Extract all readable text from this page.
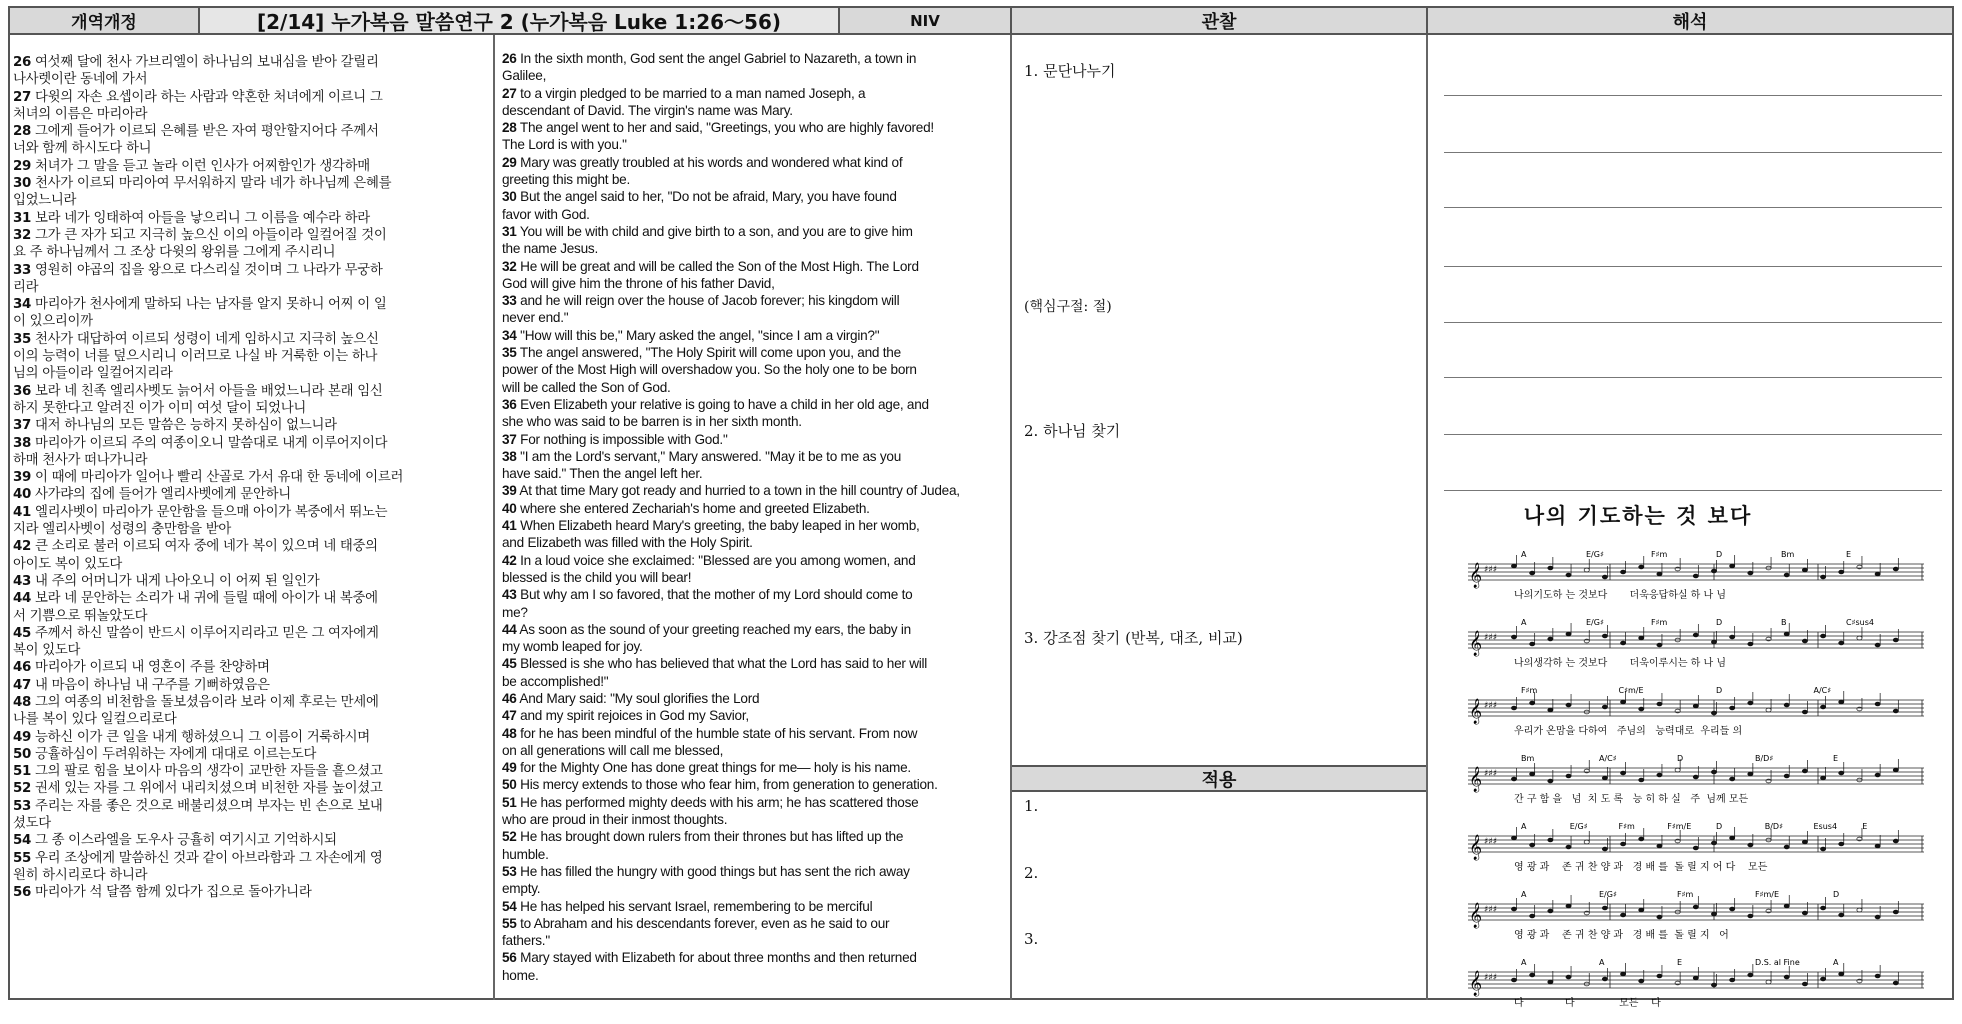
개역개정	[2/14] 누가복음 말씀연구 2 (누가복음 Luke 1:26～56)	NIV	관찰	해석
26 여섯째 달에 천사 가브리엘이 하나님의 보내심을 받아 갈릴리
나사렛이란 동네에 가서
27 다윗의 자손 요셉이라 하는 사람과 약혼한 처녀에게 이르니 그
처녀의 이름은 마리아라
28 그에게 들어가 이르되 은혜를 받은 자여 평안할지어다 주께서
너와 함께 하시도다 하니
29 처녀가 그 말을 듣고 놀라 이런 인사가 어찌함인가 생각하매
30 천사가 이르되 마리아여 무서워하지 말라 네가 하나님께 은혜를
입었느니라
31 보라 네가 잉태하여 아들을 낳으리니 그 이름을 예수라 하라
32 그가 큰 자가 되고 지극히 높으신 이의 아들이라 일컬어질 것이
요 주 하나님께서 그 조상 다윗의 왕위를 그에게 주시리니
33 영원히 야곱의 집을 왕으로 다스리실 것이며 그 나라가 무궁하
리라
34 마리아가 천사에게 말하되 나는 남자를 알지 못하니 어찌 이 일
이 있으리이까
35 천사가 대답하여 이르되 성령이 네게 임하시고 지극히 높으신
이의 능력이 너를 덮으시리니 이러므로 나실 바 거룩한 이는 하나
님의 아들이라 일컬어지리라
36 보라 네 친족 엘리사벳도 늙어서 아들을 배었느니라 본래 임신
하지 못한다고 알려진 이가 이미 여섯 달이 되었나니
37 대저 하나님의 모든 말씀은 능하지 못하심이 없느니라
38 마리아가 이르되 주의 여종이오니 말씀대로 내게 이루어지이다
하매 천사가 떠나가니라
39 이 때에 마리아가 일어나 빨리 산골로 가서 유대 한 동네에 이르러
40 사가랴의 집에 들어가 엘리사벳에게 문안하니
41 엘리사벳이 마리아가 문안함을 들으매 아이가 복중에서 뛰노는
지라 엘리사벳이 성령의 충만함을 받아
42 큰 소리로 불러 이르되 여자 중에 네가 복이 있으며 네 태중의
아이도 복이 있도다
43 내 주의 어머니가 내게 나아오니 이 어찌 된 일인가
44 보라 네 문안하는 소리가 내 귀에 들릴 때에 아이가 내 복중에
서 기쁨으로 뛰놀았도다
45 주께서 하신 말씀이 반드시 이루어지리라고 믿은 그 여자에게
복이 있도다
46 마리아가 이르되 내 영혼이 주를 찬양하며
47 내 마음이 하나님 내 구주를 기뻐하였음은
48 그의 여종의 비천함을 돌보셨음이라 보라 이제 후로는 만세에
나를 복이 있다 일컬으리로다
49 능하신 이가 큰 일을 내게 행하셨으니 그 이름이 거룩하시며
50 긍휼하심이 두려워하는 자에게 대대로 이르는도다
51 그의 팔로 힘을 보이사 마음의 생각이 교만한 자들을 흩으셨고
52 권세 있는 자를 그 위에서 내리치셨으며 비천한 자를 높이셨고
53 주리는 자를 좋은 것으로 배불리셨으며 부자는 빈 손으로 보내
셨도다
54 그 종 이스라엘을 도우사 긍휼히 여기시고 기억하시되
55 우리 조상에게 말씀하신 것과 같이 아브라함과 그 자손에게 영
원히 하시리로다 하니라
56 마리아가 석 달쯤 함께 있다가 집으로 돌아가니라
26 In the sixth month, God sent the angel Gabriel to Nazareth, a town in
Galilee,
27 to a virgin pledged to be married to a man named Joseph, a
descendant of David. The virgin's name was Mary.
28 The angel went to her and said, "Greetings, you who are highly favored!
The Lord is with you."
29 Mary was greatly troubled at his words and wondered what kind of
greeting this might be.
30 But the angel said to her, "Do not be afraid, Mary, you have found
favor with God.
31 You will be with child and give birth to a son, and you are to give him
the name Jesus.
32 He will be great and will be called the Son of the Most High. The Lord
God will give him the throne of his father David,
33 and he will reign over the house of Jacob forever; his kingdom will
never end."
34 "How will this be," Mary asked the angel, "since I am a virgin?"
35 The angel answered, "The Holy Spirit will come upon you, and the
power of the Most High will overshadow you. So the holy one to be born
will be called the Son of God.
36 Even Elizabeth your relative is going to have a child in her old age, and
she who was said to be barren is in her sixth month.
37 For nothing is impossible with God."
38 "I am the Lord's servant," Mary answered. "May it be to me as you
have said." Then the angel left her.
39 At that time Mary got ready and hurried to a town in the hill country of Judea,
40 where she entered Zechariah's home and greeted Elizabeth.
41 When Elizabeth heard Mary's greeting, the baby leaped in her womb,
and Elizabeth was filled with the Holy Spirit.
42 In a loud voice she exclaimed: "Blessed are you among women, and
blessed is the child you will bear!
43 But why am I so favored, that the mother of my Lord should come to
me?
44 As soon as the sound of your greeting reached my ears, the baby in
my womb leaped for joy.
45 Blessed is she who has believed that what the Lord has said to her will
be accomplished!"
46 And Mary said: "My soul glorifies the Lord
47 and my spirit rejoices in God my Savior,
48 for he has been mindful of the humble state of his servant. From now
on all generations will call me blessed,
49 for the Mighty One has done great things for me— holy is his name.
50 His mercy extends to those who fear him, from generation to generation.
51 He has performed mighty deeds with his arm; he has scattered those
who are proud in their inmost thoughts.
52 He has brought down rulers from their thrones but has lifted up the
humble.
53 He has filled the hungry with good things but has sent the rich away
empty.
54 He has helped his servant Israel, remembering to be merciful
55 to Abraham and his descendants forever, even as he said to our
fathers."
56 Mary stayed with Elizabeth for about three months and then returned
home.
1. 문단나누기
(핵심구절: 절)
2. 하나님 찾기
3. 강조점 찾기 (반복, 대조, 비교)
적용
1.
2.
3.
나의 기도하는 것 보다
A	E/G♯	F♯m	D	Bm	E
𝄞 ♯♯♯
나의기도하 는 것보다       더욱응답하실 하 나 님
A	E/G♯	F♯m	D	B	C♯sus4
𝄞 ♯♯♯
나의생각하 는 것보다       더욱이루시는 하 나 님
F♯m	C♯m/E	D	A/C♯
𝄞 ♯♯♯
우리가 온맘을 다하여   주님의   능력대로  우리들 의
Bm	A/C♯	D	B/D♯	E
𝄞 ♯♯♯
간 구 함 을   넘  치 도 록   능 히 하 실   주  님께 모든
A	E/G♯	F♯m	F♯m/E	D	B/D♯	Esus4	E
𝄞 ♯♯♯
영 광 과    존 귀 찬 양 과   경 배 를  돌 릴 지 어 다    모든
A	E/G♯	F♯m	F♯m/E	D
𝄞 ♯♯♯
영 광 과    존 귀 찬 양 과   경 배 를  돌 릴 지   어
A	A	E	D.S. al Fine	A
𝄞 ♯♯♯
다             다              모든    다
